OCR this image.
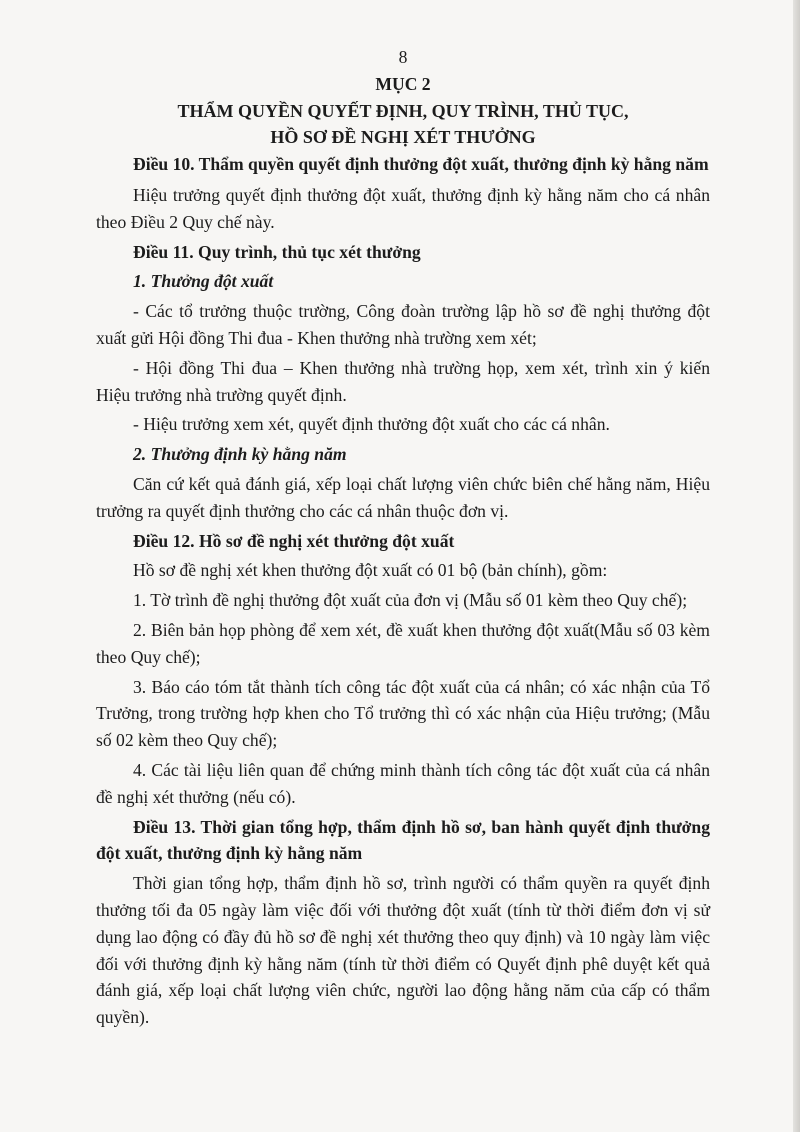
8

MỤC 2

THẨM QUYỀN QUYẾT ĐỊNH, QUY TRÌNH, THỦ TỤC,

HỒ SƠ ĐỀ NGHỊ XÉT THƯỞNG

Điều 10. Thẩm quyền quyết định thưởng đột xuất, thưởng định kỳ hằng năm

Hiệu trưởng quyết định thưởng đột xuất, thưởng định kỳ hằng năm cho cá nhân theo Điều 2 Quy chế này.

Điều 11. Quy trình, thủ tục xét thưởng

1. Thưởng đột xuất

- Các tổ trưởng thuộc trường, Công đoàn trường lập hồ sơ đề nghị thưởng đột xuất gửi Hội đồng Thi đua - Khen thưởng nhà trường xem xét;

- Hội đồng Thi đua – Khen thưởng nhà trường họp, xem xét, trình xin ý kiến Hiệu trưởng nhà trường quyết định.

- Hiệu trưởng xem xét, quyết định thưởng đột xuất cho các cá nhân.

2. Thưởng định kỳ hằng năm

Căn cứ kết quả đánh giá, xếp loại chất lượng viên chức biên chế hằng năm, Hiệu trưởng ra quyết định thưởng cho các cá nhân thuộc đơn vị.

Điều 12. Hồ sơ đề nghị xét thưởng đột xuất

Hồ sơ đề nghị xét khen thưởng đột xuất có 01 bộ (bản chính), gồm:

1. Tờ trình đề nghị thưởng đột xuất của đơn vị (Mẫu số 01 kèm theo Quy chế);

2. Biên bản họp phòng để xem xét, đề xuất khen thưởng đột xuất(Mẫu số 03 kèm theo Quy chế);

3. Báo cáo tóm tắt thành tích công tác đột xuất của cá nhân; có xác nhận của Tổ Trưởng, trong trường hợp khen cho Tổ trưởng thì có xác nhận của Hiệu trưởng; (Mẫu số 02 kèm theo Quy chế);

4. Các tài liệu liên quan để chứng minh thành tích công tác đột xuất của cá nhân đề nghị xét thưởng (nếu có).

Điều 13. Thời gian tổng hợp, thẩm định hồ sơ, ban hành quyết định thưởng đột xuất, thưởng định kỳ hằng năm

Thời gian tổng hợp, thẩm định hồ sơ, trình người có thẩm quyền ra quyết định thưởng tối đa 05 ngày làm việc đối với thưởng đột xuất (tính từ thời điểm đơn vị sử dụng lao động có đầy đủ hồ sơ đề nghị xét thưởng theo quy định) và 10 ngày làm việc đối với thưởng định kỳ hằng năm (tính từ thời điểm có Quyết định phê duyệt kết quả đánh giá, xếp loại chất lượng viên chức, người lao động hằng năm của cấp có thẩm quyền).
